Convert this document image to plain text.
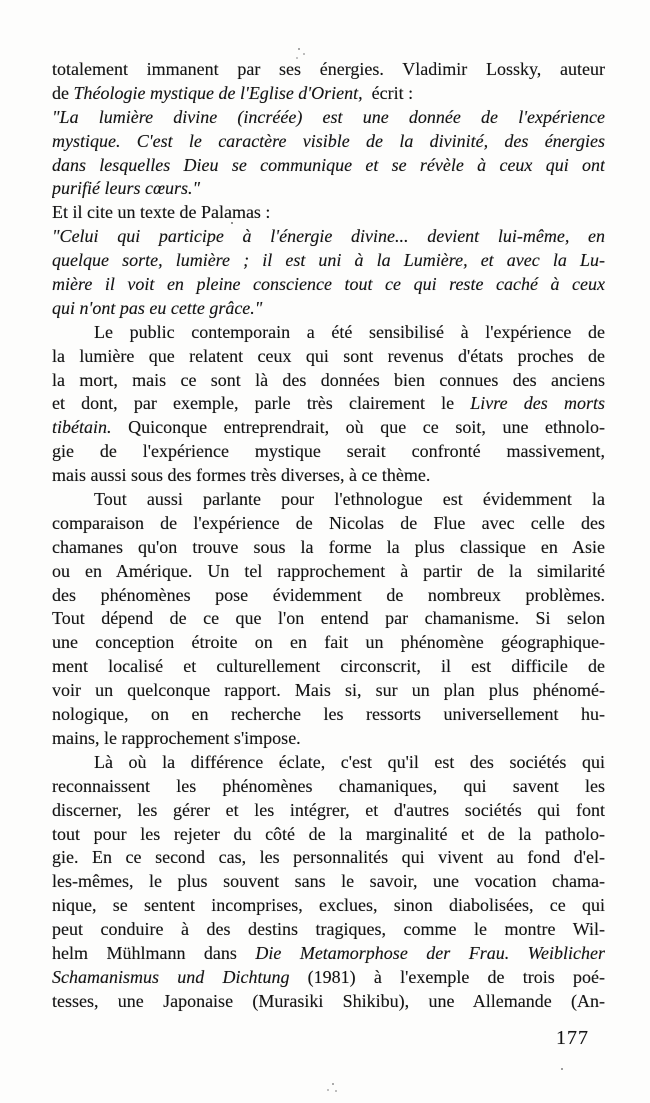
totalement immanent par ses énergies. Vladimir Lossky, auteur
de Théologie mystique de l'Eglise d'Orient,  écrit :
"La lumière divine (incréée) est une donnée de l'expérience
mystique. C'est le caractère visible de la divinité, des énergies
dans lesquelles Dieu se communique et se révèle à ceux qui ont
purifié leurs cœurs."
Et il cite un texte de Palamas :
"Celui qui participe à l'énergie divine... devient lui-même, en
quelque sorte, lumière ; il est uni à la Lumière, et avec la Lu-
mière il voit en pleine conscience tout ce qui reste caché à ceux
qui n'ont pas eu cette grâce."
Le public contemporain a été sensibilisé à l'expérience de
la lumière que relatent ceux qui sont revenus d'états proches de
la mort, mais ce sont là des données bien connues des anciens
et dont, par exemple, parle très clairement le Livre des morts
tibétain. Quiconque entreprendrait, où que ce soit, une ethnolo-
gie de l'expérience mystique serait confronté massivement,
mais aussi sous des formes très diverses, à ce thème.
Tout aussi parlante pour l'ethnologue est évidemment la
comparaison de l'expérience de Nicolas de Flue avec celle des
chamanes qu'on trouve sous la forme la plus classique en Asie
ou en Amérique. Un tel rapprochement à partir de la similarité
des phénomènes pose évidemment de nombreux problèmes.
Tout dépend de ce que l'on entend par chamanisme. Si selon
une conception étroite on en fait un phénomène géographique-
ment localisé et culturellement circonscrit, il est difficile de
voir un quelconque rapport. Mais si, sur un plan plus phénomé-
nologique, on en recherche les ressorts universellement hu-
mains, le rapprochement s'impose.
Là où la différence éclate, c'est qu'il est des sociétés qui
reconnaissent les phénomènes chamaniques, qui savent les
discerner, les gérer et les intégrer, et d'autres sociétés qui font
tout pour les rejeter du côté de la marginalité et de la patholo-
gie. En ce second cas, les personnalités qui vivent au fond d'el-
les-mêmes, le plus souvent sans le savoir, une vocation chama-
nique, se sentent incomprises, exclues, sinon diabolisées, ce qui
peut conduire à des destins tragiques, comme le montre Wil-
helm Mühlmann dans Die Metamorphose der Frau. Weiblicher
Schamanismus und Dichtung (1981) à l'exemple de trois poé-
tesses, une Japonaise (Murasiki Shikibu), une Allemande (An-
177
